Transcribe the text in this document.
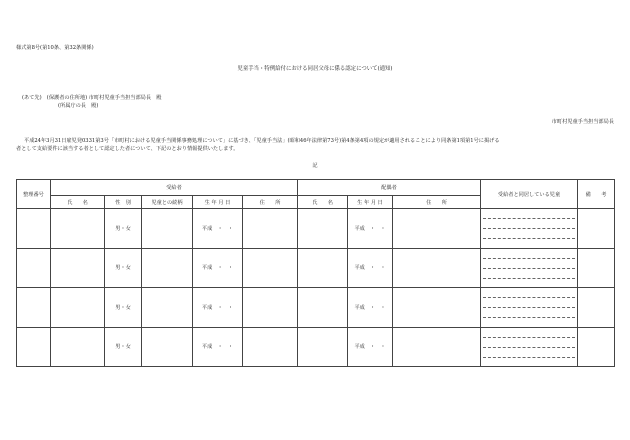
様式第8号(第10条、第32条関係)
児童手当・特例給付における同居父母に係る認定について(通知)
(あて先)　(保護者の住所地) 市町村児童手当担当部局長　殿
(所属庁の長　殿)
市町村児童手当担当部局長
平成24年3月31日雇児発0331第3号「市町村における児童手当関係事務処理について」に基づき、「児童手当法」(昭和46年法律第73号)第4条第4項の規定が適用されることにより同条第1項第1号に掲げる
者として支給要件に該当する者として認定した者について、下記のとおり情報提供いたします。
記
整理番号	受給者					配偶者			受給者と同居している児童	備　　考
	氏　　名	性　別	児童との続柄	生 年 月 日	住　　所	氏　　名	生 年 月 日	住　　所		
		男・女		平成　・　・			平成　・　・		

		男・女		平成　・　・			平成　・　・		

		男・女		平成　・　・			平成　・　・		

		男・女		平成　・　・			平成　・　・		
